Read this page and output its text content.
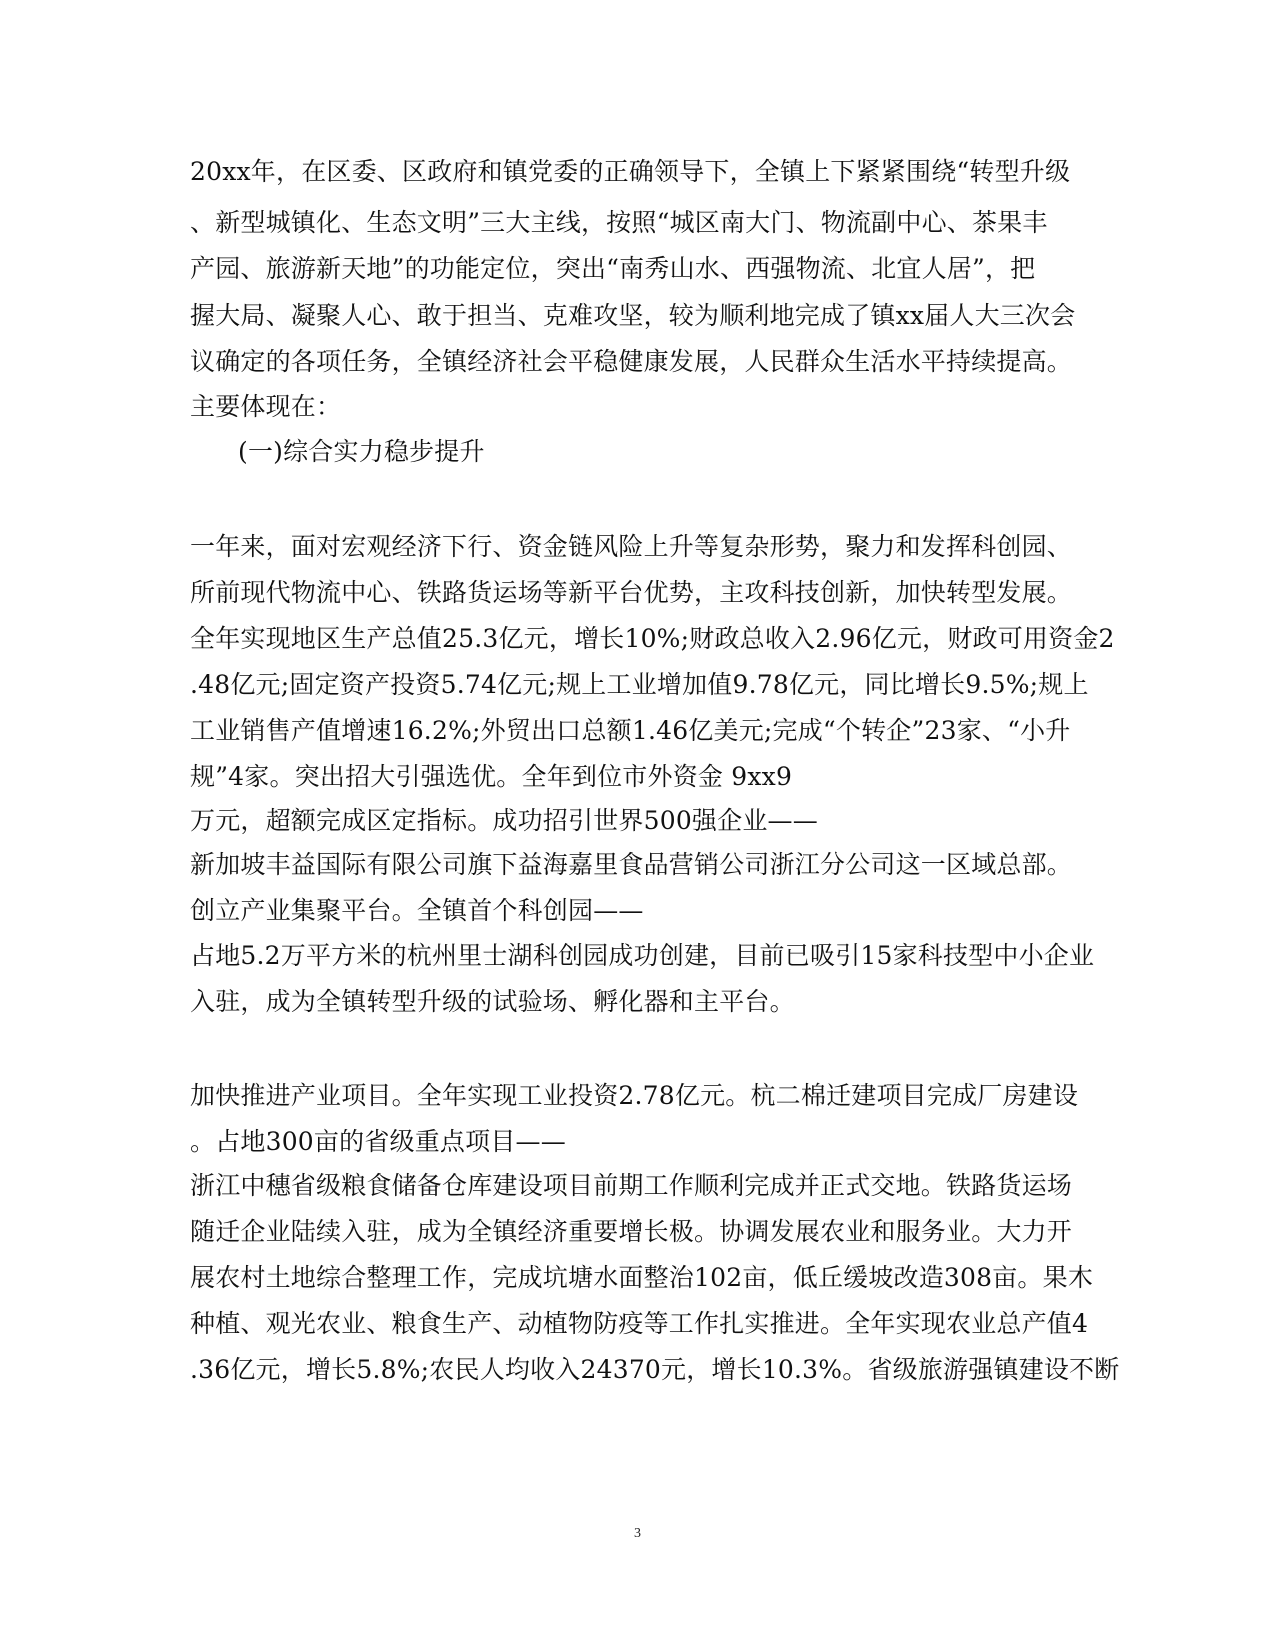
20xx年，在区委、区政府和镇党委的正确领导下，全镇上下紧紧围绕“转型升级
、新型城镇化、生态文明”三大主线，按照“城区南大门、物流副中心、茶果丰
产园、旅游新天地”的功能定位，突出“南秀山水、西强物流、北宜人居”，把
握大局、凝聚人心、敢于担当、克难攻坚，较为顺利地完成了镇xx届人大三次会
议确定的各项任务，全镇经济社会平稳健康发展，人民群众生活水平持续提高。
主要体现在：
(一)综合实力稳步提升
一年来，面对宏观经济下行、资金链风险上升等复杂形势，聚力和发挥科创园、
所前现代物流中心、铁路货运场等新平台优势，主攻科技创新，加快转型发展。
全年实现地区生产总值25.3亿元，增长10%;财政总收入2.96亿元，财政可用资金2
.48亿元;固定资产投资5.74亿元;规上工业增加值9.78亿元，同比增长9.5%;规上
工业销售产值增速16.2%;外贸出口总额1.46亿美元;完成“个转企”23家、“小升
规”4家。突出招大引强选优。全年到位市外资金 9xx9
万元，超额完成区定指标。成功招引世界500强企业——
新加坡丰益国际有限公司旗下益海嘉里食品营销公司浙江分公司这一区域总部。
创立产业集聚平台。全镇首个科创园——
占地5.2万平方米的杭州里士湖科创园成功创建，目前已吸引15家科技型中小企业
入驻，成为全镇转型升级的试验场、孵化器和主平台。
加快推进产业项目。全年实现工业投资2.78亿元。杭二棉迁建项目完成厂房建设
。占地300亩的省级重点项目——
浙江中穗省级粮食储备仓库建设项目前期工作顺利完成并正式交地。铁路货运场
随迁企业陆续入驻，成为全镇经济重要增长极。协调发展农业和服务业。大力开
展农村土地综合整理工作，完成坑塘水面整治102亩，低丘缓坡改造308亩。果木
种植、观光农业、粮食生产、动植物防疫等工作扎实推进。全年实现农业总产值4
.36亿元，增长5.8%;农民人均收入24370元，增长10.3%。省级旅游强镇建设不断
3
